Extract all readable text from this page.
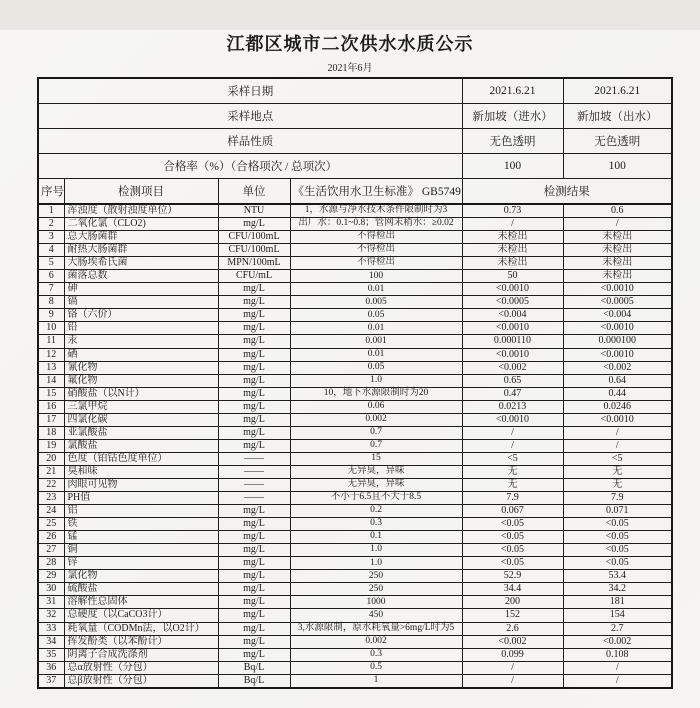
江都区城市二次供水水质公示
2021年6月
采样日期				2021.6.21	2021.6.21
采样地点				新加坡（进水）	新加坡（出水）
样品性质				无色透明	无色透明
合格率（%）（合格项次 / 总项次）				100	100
序号	检测项目	单位	《生活饮用水卫生标准》 GB5749	检测结果	
1	浑浊度（散射浊度单位）	NTU	1，水源与净水技术条件限制时为3	0.73	0.6
2	二氧化氯（CLO2)	mg/L	出厂水：0.1~0.8；管网末稍水：≥0.02	/	/
3	总大肠菌群	CFU/100mL	不得检出	未检出	未检出
4	耐热大肠菌群	CFU/100mL	不得检出	未检出	未检出
5	大肠埃希氏菌	MPN/100mL	不得检出	未检出	未检出
6	菌落总数	CFU/mL	100	50	未检出
7	砷	mg/L	0.01	<0.0010	<0.0010
8	镉	mg/L	0.005	<0.0005	<0.0005
9	铬（六价）	mg/L	0.05	<0.004	<0.004
10	铅	mg/L	0.01	<0.0010	<0.0010
11	汞	mg/L	0.001	0.000110	0.000100
12	硒	mg/L	0.01	<0.0010	<0.0010
13	氰化物	mg/L	0.05	<0.002	<0.002
14	氟化物	mg/L	1.0	0.65	0.64
15	硝酸盐（以N计）	mg/L	10，地下水源限制时为20	0.47	0.44
16	三氯甲烷	mg/L	0.06	0.0213	0.0246
17	四氯化碳	mg/L	0.002	<0.0010	<0.0010
18	亚氯酸盐	mg/L	0.7	/	/
19	氯酸盐	mg/L	0.7	/	/
20	色度（铂钴色度单位）	——	15	<5	<5
21	臭和味	——	无异臭，异味	无	无
22	肉眼可见物	——	无异臭，异味	无	无
23	PH值	——	不小于6.5且不大于8.5	7.9	7.9
24	铝	mg/L	0.2	0.067	0.071
25	铁	mg/L	0.3	<0.05	<0.05
26	锰	mg/L	0.1	<0.05	<0.05
27	铜	mg/L	1.0	<0.05	<0.05
28	锌	mg/L	1.0	<0.05	<0.05
29	氯化物	mg/L	250	52.9	53.4
30	硫酸盐	mg/L	250	34.4	34.2
31	溶解性总固体	mg/L	1000	200	181
32	总硬度（以CaCO3计）	mg/L	450	152	154
33	耗氧量（CODMn法，以O2计）	mg/L	3,水源限制，原水耗氧量>6mg/L时为5	2.6	2.7
34	挥发酚类（以苯酚计）	mg/L	0.002	<0.002	<0.002
35	阴离子合成洗涤剂	mg/L	0.3	0.099	0.108
36	总α放射性（分包）	Bq/L	0.5	/	/
37	总β放射性（分包）	Bq/L	1	/	/
